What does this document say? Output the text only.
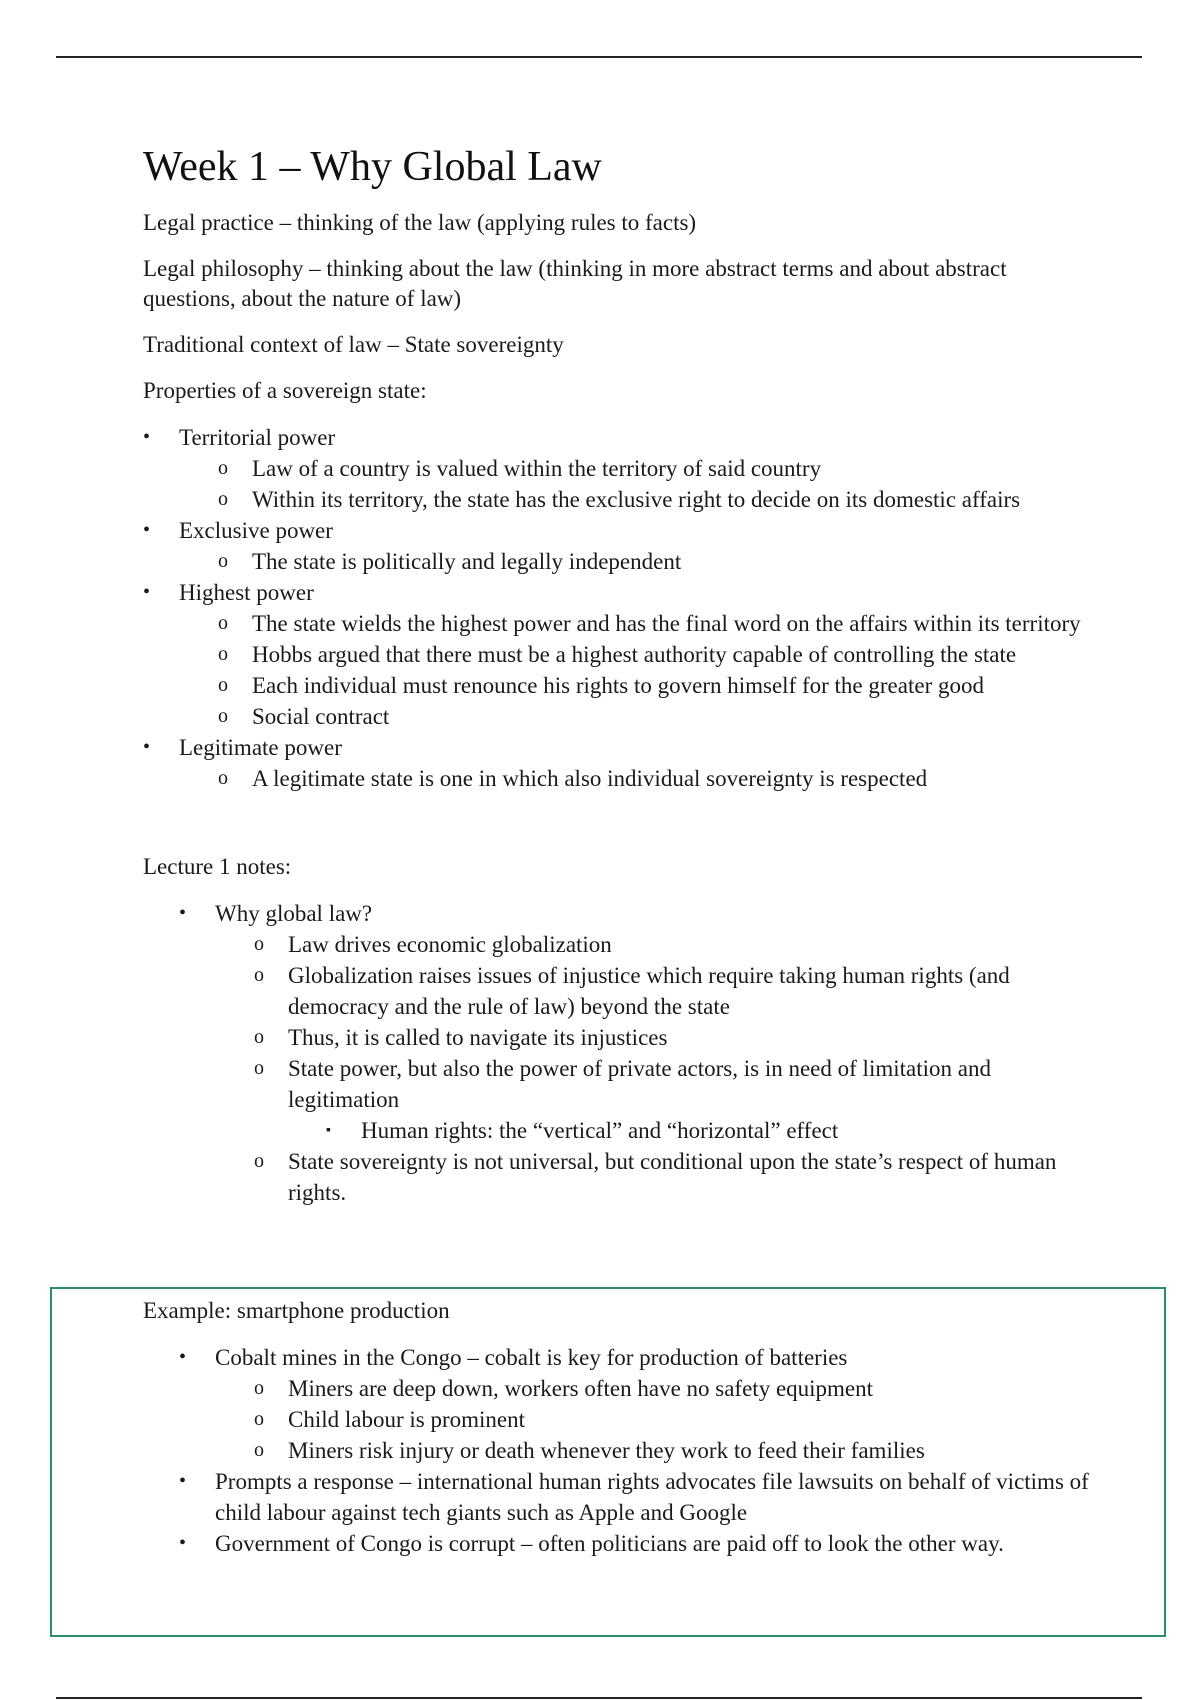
Week 1 – Why Global Law

Legal practice – thinking of the law (applying rules to facts)

Legal philosophy – thinking about the law (thinking in more abstract terms and about abstract questions, about the nature of law)

Traditional context of law – State sovereignty

Properties of a sovereign state:

• Territorial power
o Law of a country is valued within the territory of said country
o Within its territory, the state has the exclusive right to decide on its domestic affairs
• Exclusive power
o The state is politically and legally independent
• Highest power
o The state wields the highest power and has the final word on the affairs within its territory
o Hobbs argued that there must be a highest authority capable of controlling the state
o Each individual must renounce his rights to govern himself for the greater good
o Social contract
• Legitimate power
o A legitimate state is one in which also individual sovereignty is respected

Lecture 1 notes:

• Why global law?
o Law drives economic globalization
o Globalization raises issues of injustice which require taking human rights (and democracy and the rule of law) beyond the state
o Thus, it is called to navigate its injustices
o State power, but also the power of private actors, is in need of limitation and legitimation
▪ Human rights: the “vertical” and “horizontal” effect
o State sovereignty is not universal, but conditional upon the state’s respect of human rights.

Example: smartphone production

• Cobalt mines in the Congo – cobalt is key for production of batteries
o Miners are deep down, workers often have no safety equipment
o Child labour is prominent
o Miners risk injury or death whenever they work to feed their families
• Prompts a response – international human rights advocates file lawsuits on behalf of victims of child labour against tech giants such as Apple and Google
• Government of Congo is corrupt – often politicians are paid off to look the other way.
